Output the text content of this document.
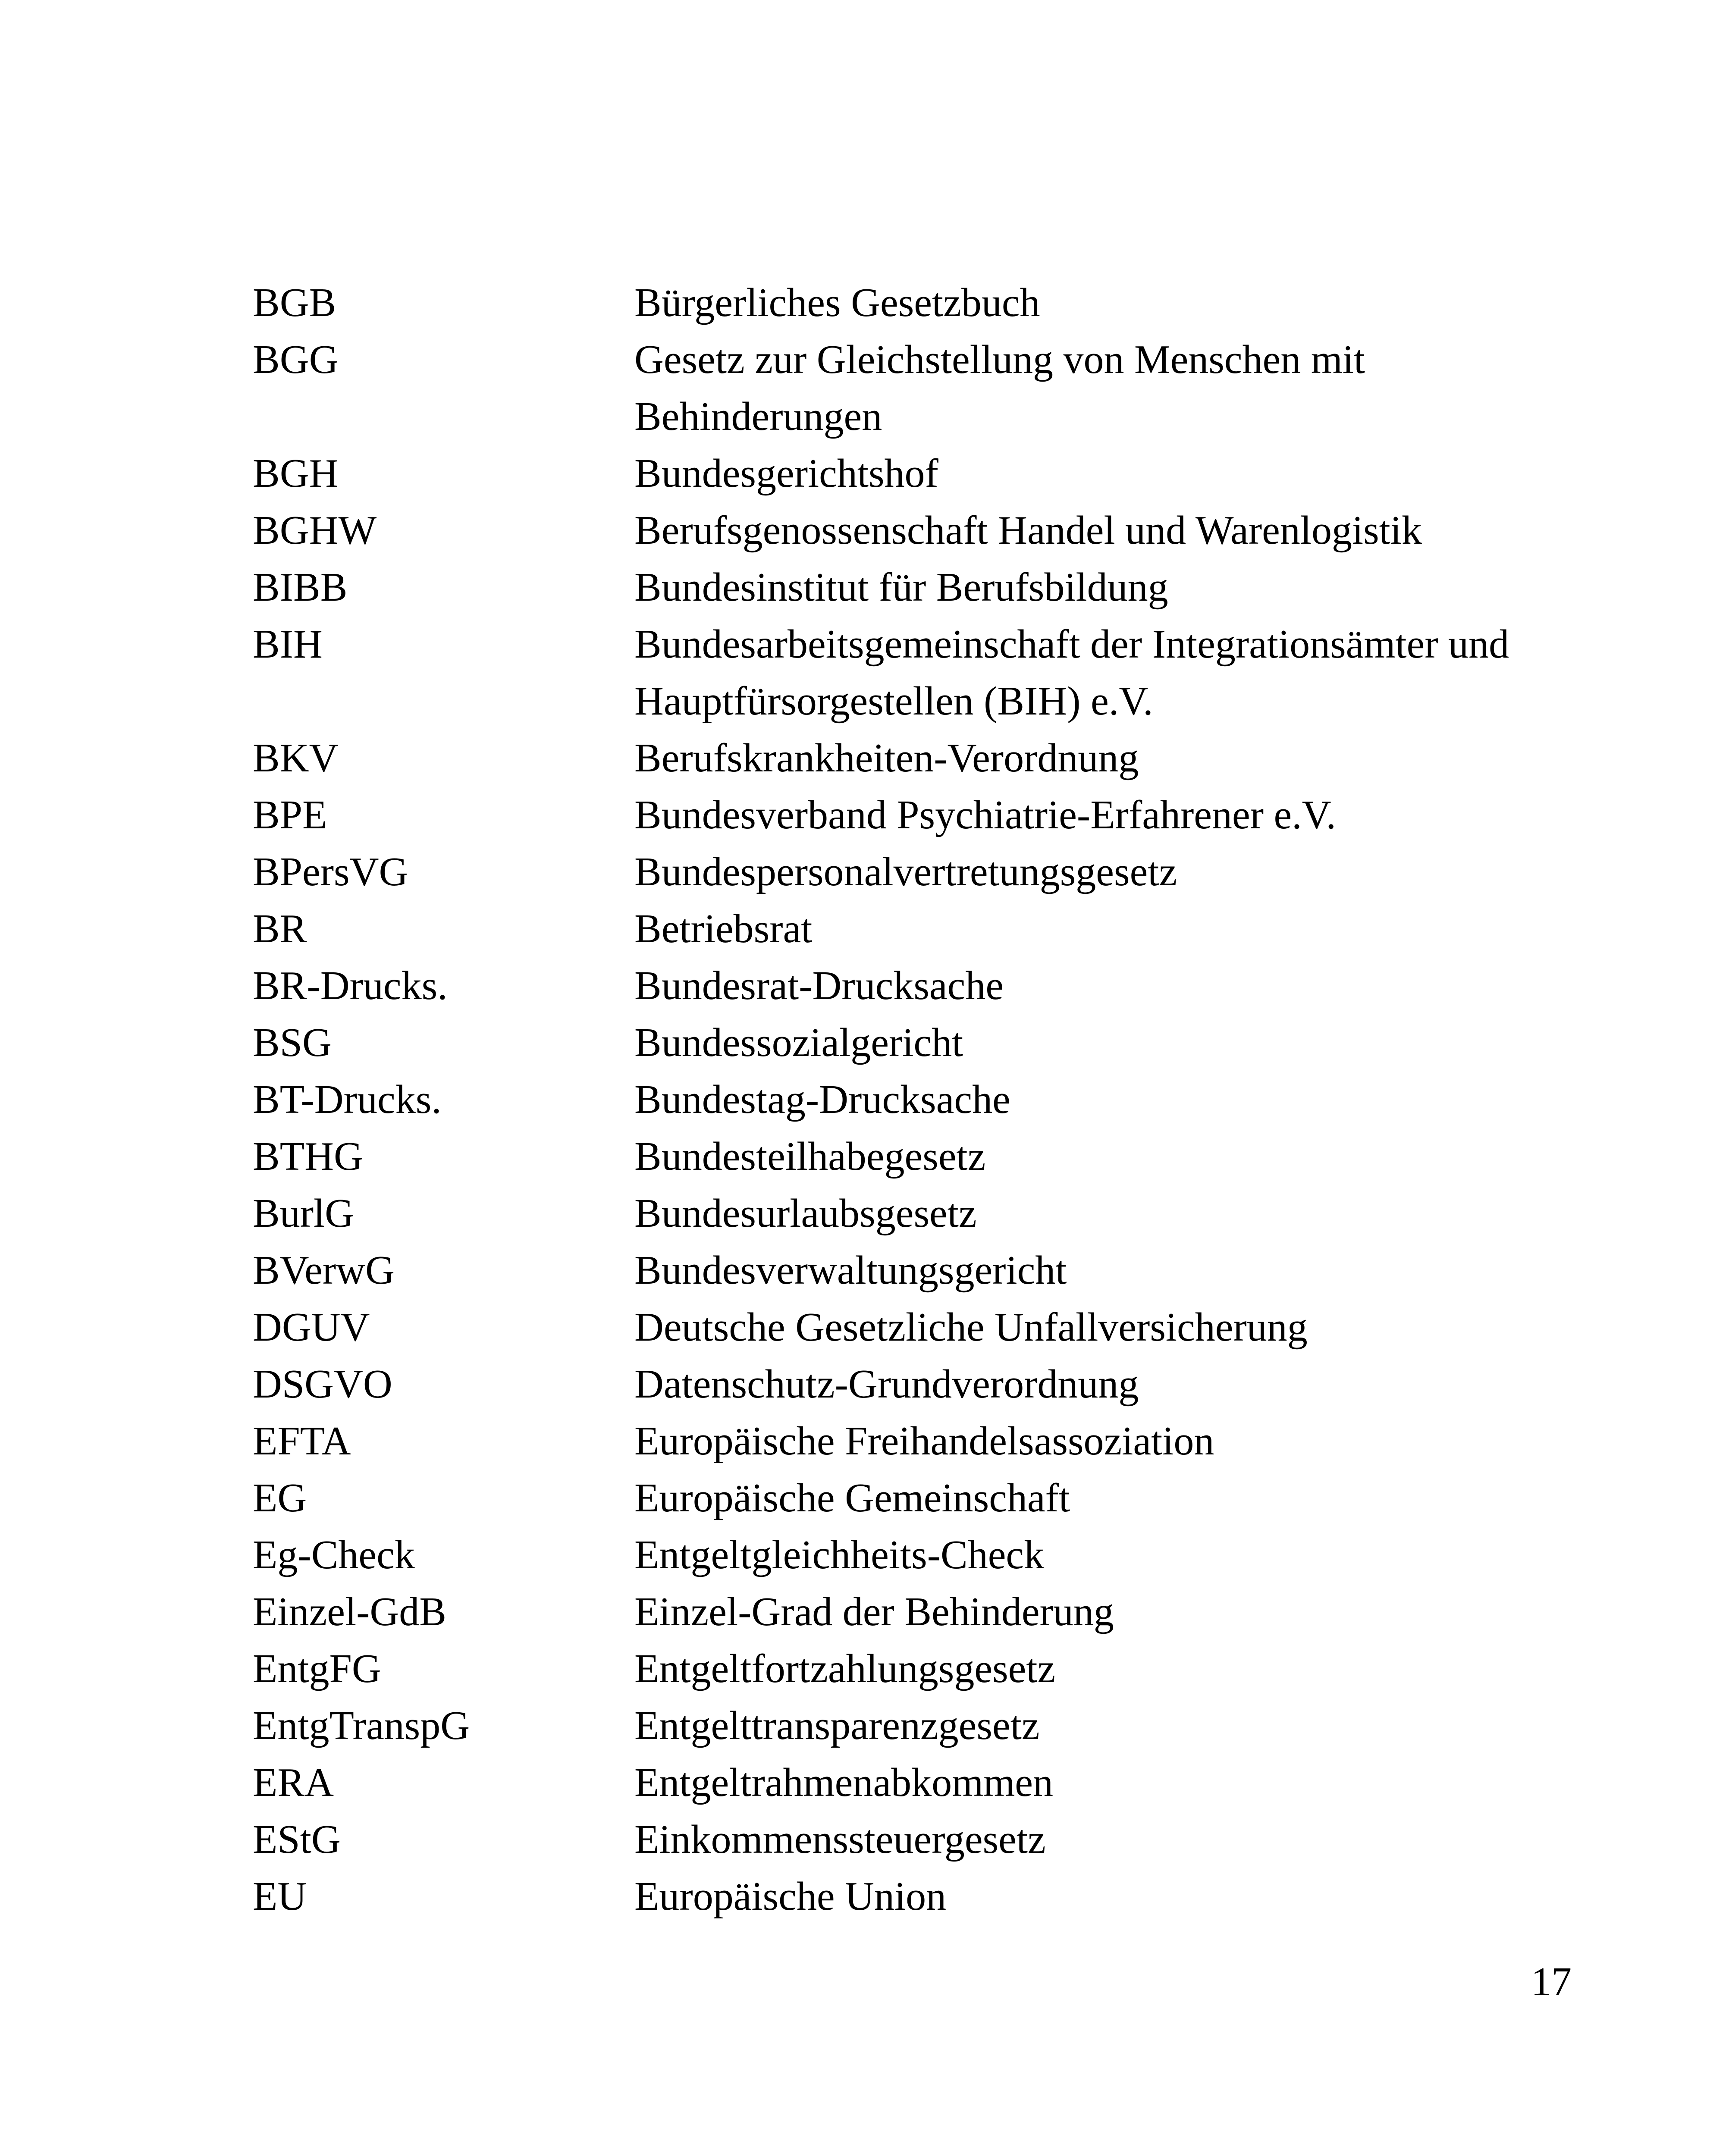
BGB	Bürgerliches Gesetzbuch
BGG	Gesetz zur Gleichstellung von Menschen mit Behinderungen
BGH	Bundesgerichtshof
BGHW	Berufsgenossenschaft Handel und Warenlogistik
BIBB	Bundesinstitut für Berufsbildung
BIH	Bundesarbeitsgemeinschaft der Integrationsämter und Hauptfürsorgestellen (BIH) e.V.
BKV	Berufskrankheiten-Verordnung
BPE	Bundesverband Psychiatrie-Erfahrener e.V.
BPersVG	Bundespersonalvertretungsgesetz
BR	Betriebsrat
BR-Drucks.	Bundesrat-Drucksache
BSG	Bundessozialgericht
BT-Drucks.	Bundestag-Drucksache
BTHG	Bundesteilhabegesetz
BurlG	Bundesurlaubsgesetz
BVerwG	Bundesverwaltungsgericht
DGUV	Deutsche Gesetzliche Unfallversicherung
DSGVO	Datenschutz-Grundverordnung
EFTA	Europäische Freihandelsassoziation
EG	Europäische Gemeinschaft
Eg-Check	Entgeltgleichheits-Check
Einzel-GdB	Einzel-Grad der Behinderung
EntgFG	Entgeltfortzahlungsgesetz
EntgTranspG	Entgelttransparenzgesetz
ERA	Entgeltrahmenabkommen
EStG	Einkommenssteuergesetz
EU	Europäische Union
17
